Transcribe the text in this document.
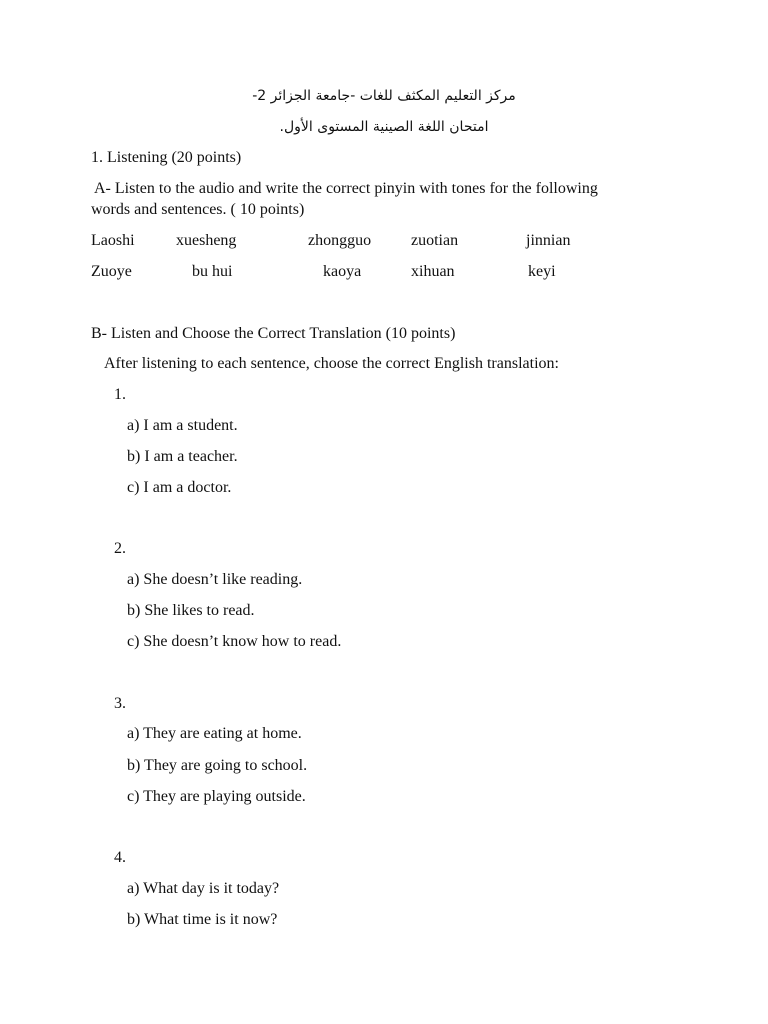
مركز التعليم المكثف للغات -جامعة الجزائر 2-

امتحان اللغة الصينية المستوى الأول.

1. Listening (20 points)

A- Listen to the audio and write the correct pinyin with tones for the following

words and sentences. ( 10 points)

Laoshi	xuesheng	zhongguo zuotian	jinnian
Zuoye	bu hui	kaoya	xihuan	keyi

B- Listen and Choose the Correct Translation (10 points)

After listening to each sentence, choose the correct English translation:

1.
a) I am a student.
b) I am a teacher.
c) I am a doctor.
2.
a) She doesn’t like reading.
b) She likes to read.
c) She doesn’t know how to read.
3.
a) They are eating at home.
b) They are going to school.
c) They are playing outside.
4.
a) What day is it today?
b) What time is it now?
